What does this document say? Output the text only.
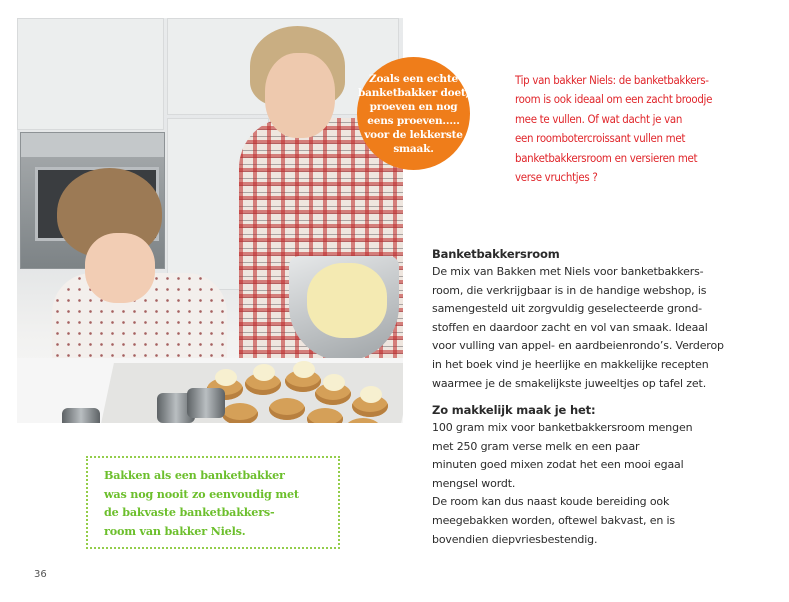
Zoals een echte
banketbakker doet,
proeven en nog
eens proeven.....
voor de lekkerste
smaak.

Tip van bakker Niels: de banketbakkers-
room is ook ideaal om een zacht broodje
mee te vullen. Of wat dacht je van
een roombotercroissant vullen met
banketbakkersroom en versieren met
verse vruchtjes ?
Banketbakkersroom
De mix van Bakken met Niels voor banketbakkers-
room, die verkrijgbaar is in de handige webshop, is
samengesteld uit zorgvuldig geselecteerde grond-
stoffen en daardoor zacht en vol van smaak. Ideaal
voor vulling van appel- en aardbeienrondo’s. Verderop
in het boek vind je heerlijke en makkelijke recepten
waarmee je de smakelijkste juweeltjes op tafel zet.
Zo makkelijk maak je het:
100 gram mix voor banketbakkersroom mengen
met 250 gram verse melk en een paar
minuten goed mixen zodat het een mooi egaal
mengsel wordt.
De room kan dus naast koude bereiding ook
meegebakken worden, oftewel bakvast, en is
bovendien diepvriesbestendig.
Bakken als een banketbakker
was nog nooit zo eenvoudig met
de bakvaste banketbakkers-
room van bakker Niels.
36
